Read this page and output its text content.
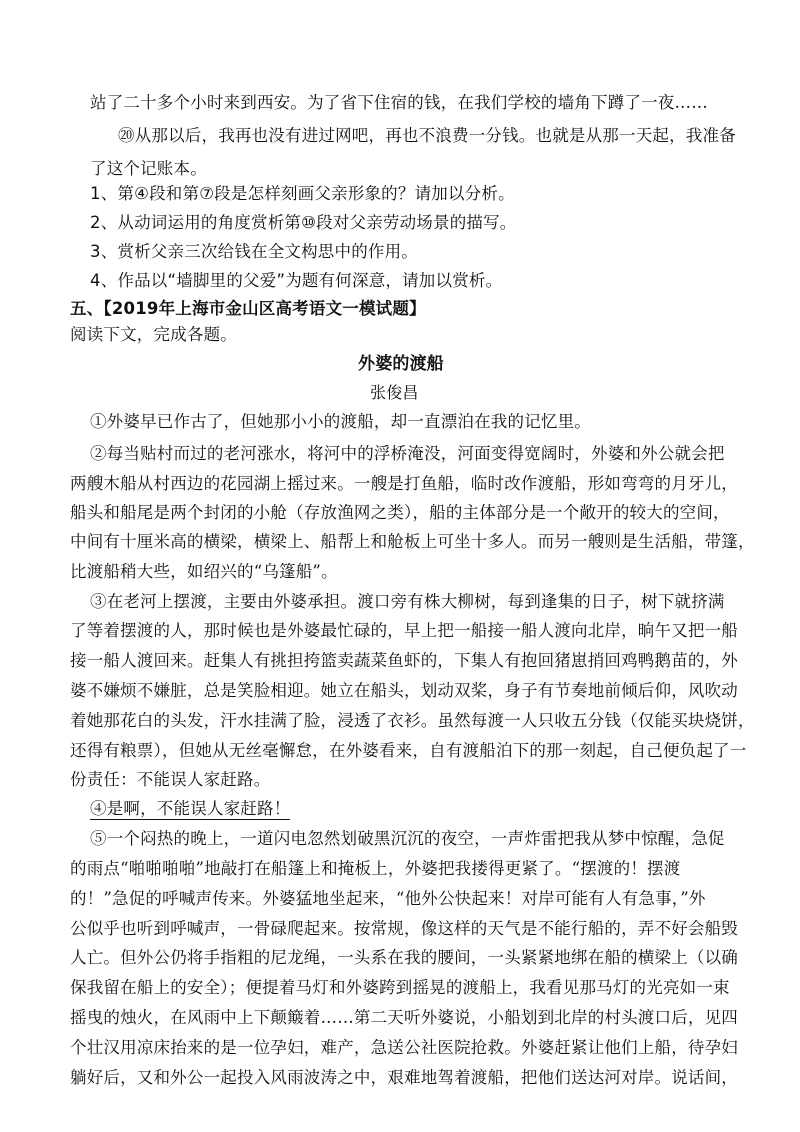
站了二十多个小时来到西安。为了省下住宿的钱，在我们学校的墙角下蹲了一夜……
⑳从那以后，我再也没有进过网吧，再也不浪费一分钱。也就是从那一天起，我准备
了这个记账本。
1、第④段和第⑦段是怎样刻画父亲形象的？请加以分析。
2、从动词运用的角度赏析第⑩段对父亲劳动场景的描写。
3、赏析父亲三次给钱在全文构思中的作用。
4、作品以“墙脚里的父爱”为题有何深意，请加以赏析。
五、【2019年上海市金山区高考语文一模试题】
阅读下文，完成各题。
外婆的渡船
张俊昌
①外婆早已作古了，但她那小小的渡船，却一直漂泊在我的记忆里。
②每当贴村而过的老河涨水，将河中的浮桥淹没，河面变得宽阔时，外婆和外公就会把
两艘木船从村西边的花园湖上摇过来。一艘是打鱼船，临时改作渡船，形如弯弯的月牙儿，
船头和船尾是两个封闭的小舱（存放渔网之类），船的主体部分是一个敞开的较大的空间，
中间有十厘米高的横梁，横梁上、船帮上和舱板上可坐十多人。而另一艘则是生活船，带篷，
比渡船稍大些，如绍兴的“乌篷船”。
③在老河上摆渡，主要由外婆承担。渡口旁有株大柳树，每到逢集的日子，树下就挤满
了等着摆渡的人，那时候也是外婆最忙碌的，早上把一船接一船人渡向北岸，晌午又把一船
接一船人渡回来。赶集人有挑担挎篮卖蔬菜鱼虾的，下集人有抱回猪崽捎回鸡鸭鹅苗的，外
婆不嫌烦不嫌脏，总是笑脸相迎。她立在船头，划动双桨，身子有节奏地前倾后仰，风吹动
着她那花白的头发，汗水挂满了脸，浸透了衣衫。虽然每渡一人只收五分钱（仅能买块烧饼，
还得有粮票），但她从无丝毫懈怠，在外婆看来，自有渡船泊下的那一刻起，自己便负起了一
份责任：不能误人家赶路。
④是啊，不能误人家赶路！
⑤一个闷热的晚上，一道闪电忽然划破黑沉沉的夜空，一声炸雷把我从梦中惊醒，急促
的雨点“啪啪啪啪”地敲打在船篷上和掩板上，外婆把我搂得更紧了。“摆渡的！摆渡
的！”急促的呼喊声传来。外婆猛地坐起来，“他外公快起来！对岸可能有人有急事，”外
公似乎也听到呼喊声，一骨碌爬起来。按常规，像这样的天气是不能行船的，弄不好会船毁
人亡。但外公仍将手指粗的尼龙绳，一头系在我的腰间，一头紧紧地绑在船的横梁上（以确
保我留在船上的安全）；便提着马灯和外婆跨到摇晃的渡船上，我看见那马灯的光亮如一束
摇曳的烛火，在风雨中上下颠簸着……第二天听外婆说，小船划到北岸的村头渡口后，见四
个壮汉用凉床抬来的是一位孕妇，难产，急送公社医院抢救。外婆赶紧让他们上船，待孕妇
躺好后，又和外公一起投入风雨波涛之中，艰难地驾着渡船，把他们送达河对岸。说话间，
